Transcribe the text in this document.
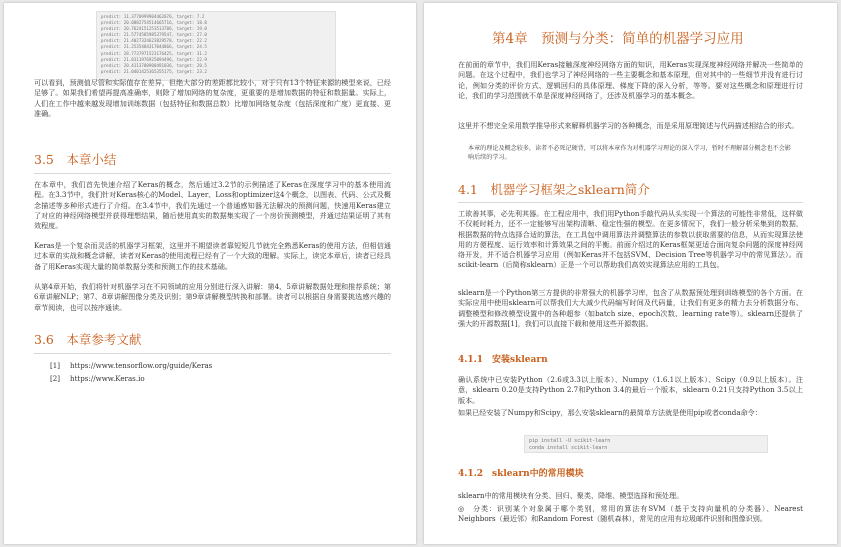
predict: 11.3770999904462076, target: 7.2
predict: 20.0882754514665716, target: 18.8
predict: 20.7624151253513786, target: 19.0
predict: 21.5774585985379547, target: 27.0
predict: 21.4027324623829578, target: 22.2
predict: 21.2535484317044866, target: 24.5
predict: 28.7737971523176425, target: 31.2
predict: 21.8311976925094496, target: 22.9
predict: 20.4113700900491036, target: 20.5
predict: 21.0401425365355175, target: 23.2

可以看到，预测值尽管和实际值存在差异，但绝大部分的差距都比较小，对于只有13个特征来源的模型来说，已经足够了。如果我们希望再提高准确率，则除了增加网络的复杂度，更重要的是增加数据的特征和数据量。实际上，人们在工作中越来越发现增加训练数据（包括特征和数据总数）比增加网络复杂度（包括深度和广度）更直接、更准确。

3.5　本章小结

在本章中，我们首先快速介绍了Keras的概念，然后通过3.2节的示例描述了Keras在深度学习中的基本使用流程。在3.3节中，我们针对Keras核心的Model、Layer、Loss和optimizer这4个概念，以图表、代码、公式及概念描述等多种形式进行了介绍。在3.4节中，我们先通过一个普通感知器无法解决的预测问题，快速用Keras建立了对应的神经网络模型并获得理想结果，随后使用真实的数据集实现了一个房价预测模型，并通过结果证明了其有效程度。

Keras是一个复杂而灵活的机器学习框架，这里并不期望读者靠短短几节就完全熟悉Keras的使用方法，但相信通过本章的实战和概念讲解，读者对Keras的使用流程已经有了一个大致的理解。实际上，读完本章后，读者已经具备了用Keras实现大量的简单数据分类和预测工作的技术基础。

从第4章开始，我们将针对机器学习在不同领域的应用分别进行深入讲解：第4、5章讲解数据处理和推荐系统；第6章讲解NLP；第7、8章讲解图像分类及识别；第9章讲解模型转换和部署。读者可以根据自身需要挑选感兴趣的章节阅读，也可以按序通读。

3.6　本章参考文献
[1]	https://www.tensorflow.org/guide/Keras
[2]	https://www.Keras.io
第4章　预测与分类：简单的机器学习应用

在前面的章节中，我们用Keras接触深度神经网络方面的知识，用Keras实现深度神经网络并解决一些简单的问题。在这个过程中，我们也学习了神经网络的一些主要概念和基本原理，但对其中的一些细节并没有进行讨论，例如分类的评价方式、逻辑回归的具体原理、梯度下降的深入分析，等等。要对这些概念和原理进行讨论，我们的学习范围就不单是深度神经网络了，还涉及机器学习的基本概念。

这里并不想完全采用数学推导形式来解释机器学习的各种概念，而是采用原理简述与代码描述相结合的形式。

本章的理论及概念较多，读者不必死记硬背，可以将本章作为对机器学习理论的深入学习，暂时不理解部分概念也不会影响后续的学习。

4.1　机器学习框架之sklearn简介

工欲善其事，必先利其器。在工程应用中，我们用Python手敲代码从头实现一个算法的可能性非常低，这样做不仅耗时耗力，还不一定能够写出架构清晰、稳定性强的模型。在更多情况下，我们一般分析采集到的数据，根据数据的特点选择合适的算法，在工具包中调用算法并调整算法的参数以获取需要的信息，从而实现算法使用的方便程度、运行效率和计算效果之间的平衡。前面介绍过的Keras框架更适合面向复杂问题的深度神经网络开发，并不适合机器学习应用（例如Keras并不包括SVM、Decision Tree等机器学习中的常见算法）。而scikit-learn（后简称sklearn）正是一个可以帮助我们高效实现算法应用的工具包。

sklearn是一个Python第三方提供的非常强大的机器学习库，包含了从数据预处理到训练模型的各个方面。在实际应用中使用sklearn可以帮我们大大减少代码编写时间及代码量，让我们有更多的精力去分析数据分布、调整模型和修改模型设置中的各种超参（如batch size、epoch次数、learning rate等）。sklearn还提供了强大的开源数据[1]，我们可以直接下载和使用这些开源数据。

4.1.1　安装sklearn

确认系统中已安装Python（2.6或3.3以上版本）、Numpy（1.6.1以上版本）、Scipy（0.9以上版本）。注意，sklearn 0.20是支持Python 2.7和Python 3.4的最后一个版本，sklearn 0.21只支持Python 3.5以上版本。

如果已经安装了Numpy和Scipy，那么安装sklearn的最简单方法就是使用pip或者conda命令：

pip install -U scikit-learn
conda install scikit-learn
4.1.2　sklearn中的常用模块

sklearn中的常用模块有分类、回归、聚类、降维、模型选择和预处理。

◎　分类：识别某个对象属于哪个类别，常用的算法有SVM（基于支持向量机的分类器）、Nearest Neighbors（最近邻）和Random Forest（随机森林），常见的应用有垃圾邮件识别和图像识别。
